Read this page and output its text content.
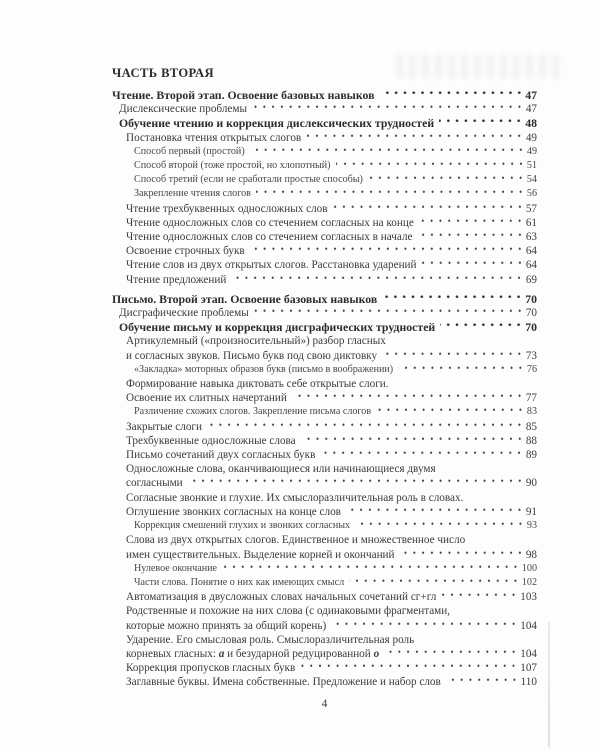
ЧАСТЬ ВТОРАЯ
Чтение. Второй этап. Освоение базовых навыков	47
Дислексические проблемы	47
Обучение чтению и коррекция дислексических трудностей	48
Постановка чтения открытых слогов	49
Способ первый (простой)	49
Способ второй (тоже простой, но хлопотный)	51
Способ третий (если не сработали простые способы)	54
Закрепление чтения слогов	56
Чтение трехбуквенных односложных слов	57
Чтение односложных слов со стечением согласных на конце	61
Чтение односложных слов со стечением согласных в начале	63
Освоение строчных букв	64
Чтение слов из двух открытых слогов. Расстановка ударений	64
Чтение предложений	69
Письмо. Второй этап. Освоение базовых навыков	70
Дисграфические проблемы	70
Обучение письму и коррекция дисграфических трудностей	70
Артикулемный («произносительный») разбор гласных
и согласных звуков. Письмо букв под свою диктовку	73
«Закладка» моторных образов букв (письмо в воображении)	76
Формирование навыка диктовать себе открытые слоги.
Освоение их слитных начертаний	77
Различение схожих слогов. Закрепление письма слогов	83
Закрытые слоги	85
Трехбуквенные односложные слова	88
Письмо сочетаний двух согласных букв	89
Односложные слова, оканчивающиеся или начинающиеся двумя
согласными	90
Согласные звонкие и глухие. Их смыслоразличительная роль в словах.
Оглушение звонких согласных на конце слов	91
Коррекция смешений глухих и звонких согласных	93
Слова из двух открытых слогов. Единственное и множественное число
имен существительных. Выделение корней и окончаний	98
Нулевое окончание	100
Части слова. Понятие о них как имеющих смысл	102
Автоматизация в двусложных словах начальных сочетаний сг+гл	103
Родственные и похожие на них слова (с одинаковыми фрагментами,
которые можно принять за общий корень)	104
Ударение. Его смысловая роль. Смыслоразличительная роль
корневых гласных: а и безударной редуцированной о	104
Коррекция пропусков гласных букв	107
Заглавные буквы. Имена собственные. Предложение и набор слов	110
4
